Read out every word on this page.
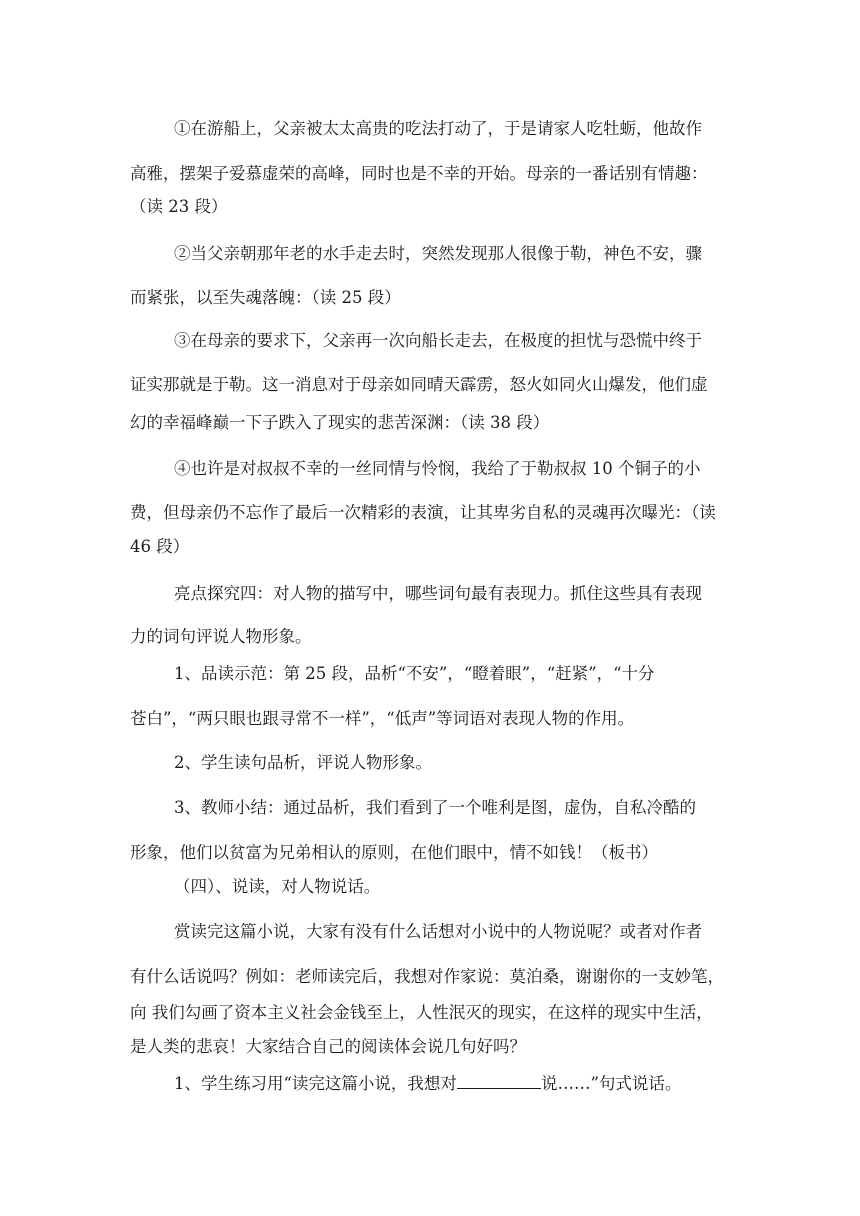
①在游船上，父亲被太太高贵的吃法打动了，于是请家人吃牡蛎，他故作
高雅，摆架子爱慕虚荣的高峰，同时也是不幸的开始。母亲的一番话别有情趣：
（读 23 段）
②当父亲朝那年老的水手走去时，突然发现那人很像于勒，神色不安，骤
而紧张，以至失魂落魄：（读 25 段）
③在母亲的要求下，父亲再一次向船长走去，在极度的担忧与恐慌中终于
证实那就是于勒。这一消息对于母亲如同晴天霹雳，怒火如同火山爆发，他们虚
幻的幸福峰巅一下子跌入了现实的悲苦深渊：（读 38 段）
④也许是对叔叔不幸的一丝同情与怜悯，我给了于勒叔叔 10 个铜子的小
费，但母亲仍不忘作了最后一次精彩的表演，让其卑劣自私的灵魂再次曝光：（读
46 段）
亮点探究四：对人物的描写中，哪些词句最有表现力。抓住这些具有表现
力的词句评说人物形象。
1、品读示范：第 25 段，品析“不安”，“瞪着眼”，“赶紧”，“十分
苍白”，“两只眼也跟寻常不一样”，“低声”等词语对表现人物的作用。
2、学生读句品析，评说人物形象。
3、教师小结：通过品析，我们看到了一个唯利是图，虚伪，自私冷酷的
形象，他们以贫富为兄弟相认的原则，在他们眼中，情不如钱！（板书）
（四）、说读，对人物说话。
赏读完这篇小说，大家有没有什么话想对小说中的人物说呢？或者对作者
有什么话说吗？例如：老师读完后，我想对作家说：莫泊桑，谢谢你的一支妙笔，
向 我们勾画了资本主义社会金钱至上，人性泯灭的现实，在这样的现实中生活，
是人类的悲哀！大家结合自己的阅读体会说几句好吗？
1、学生练习用“读完这篇小说，我想对	说……”句式说话。
